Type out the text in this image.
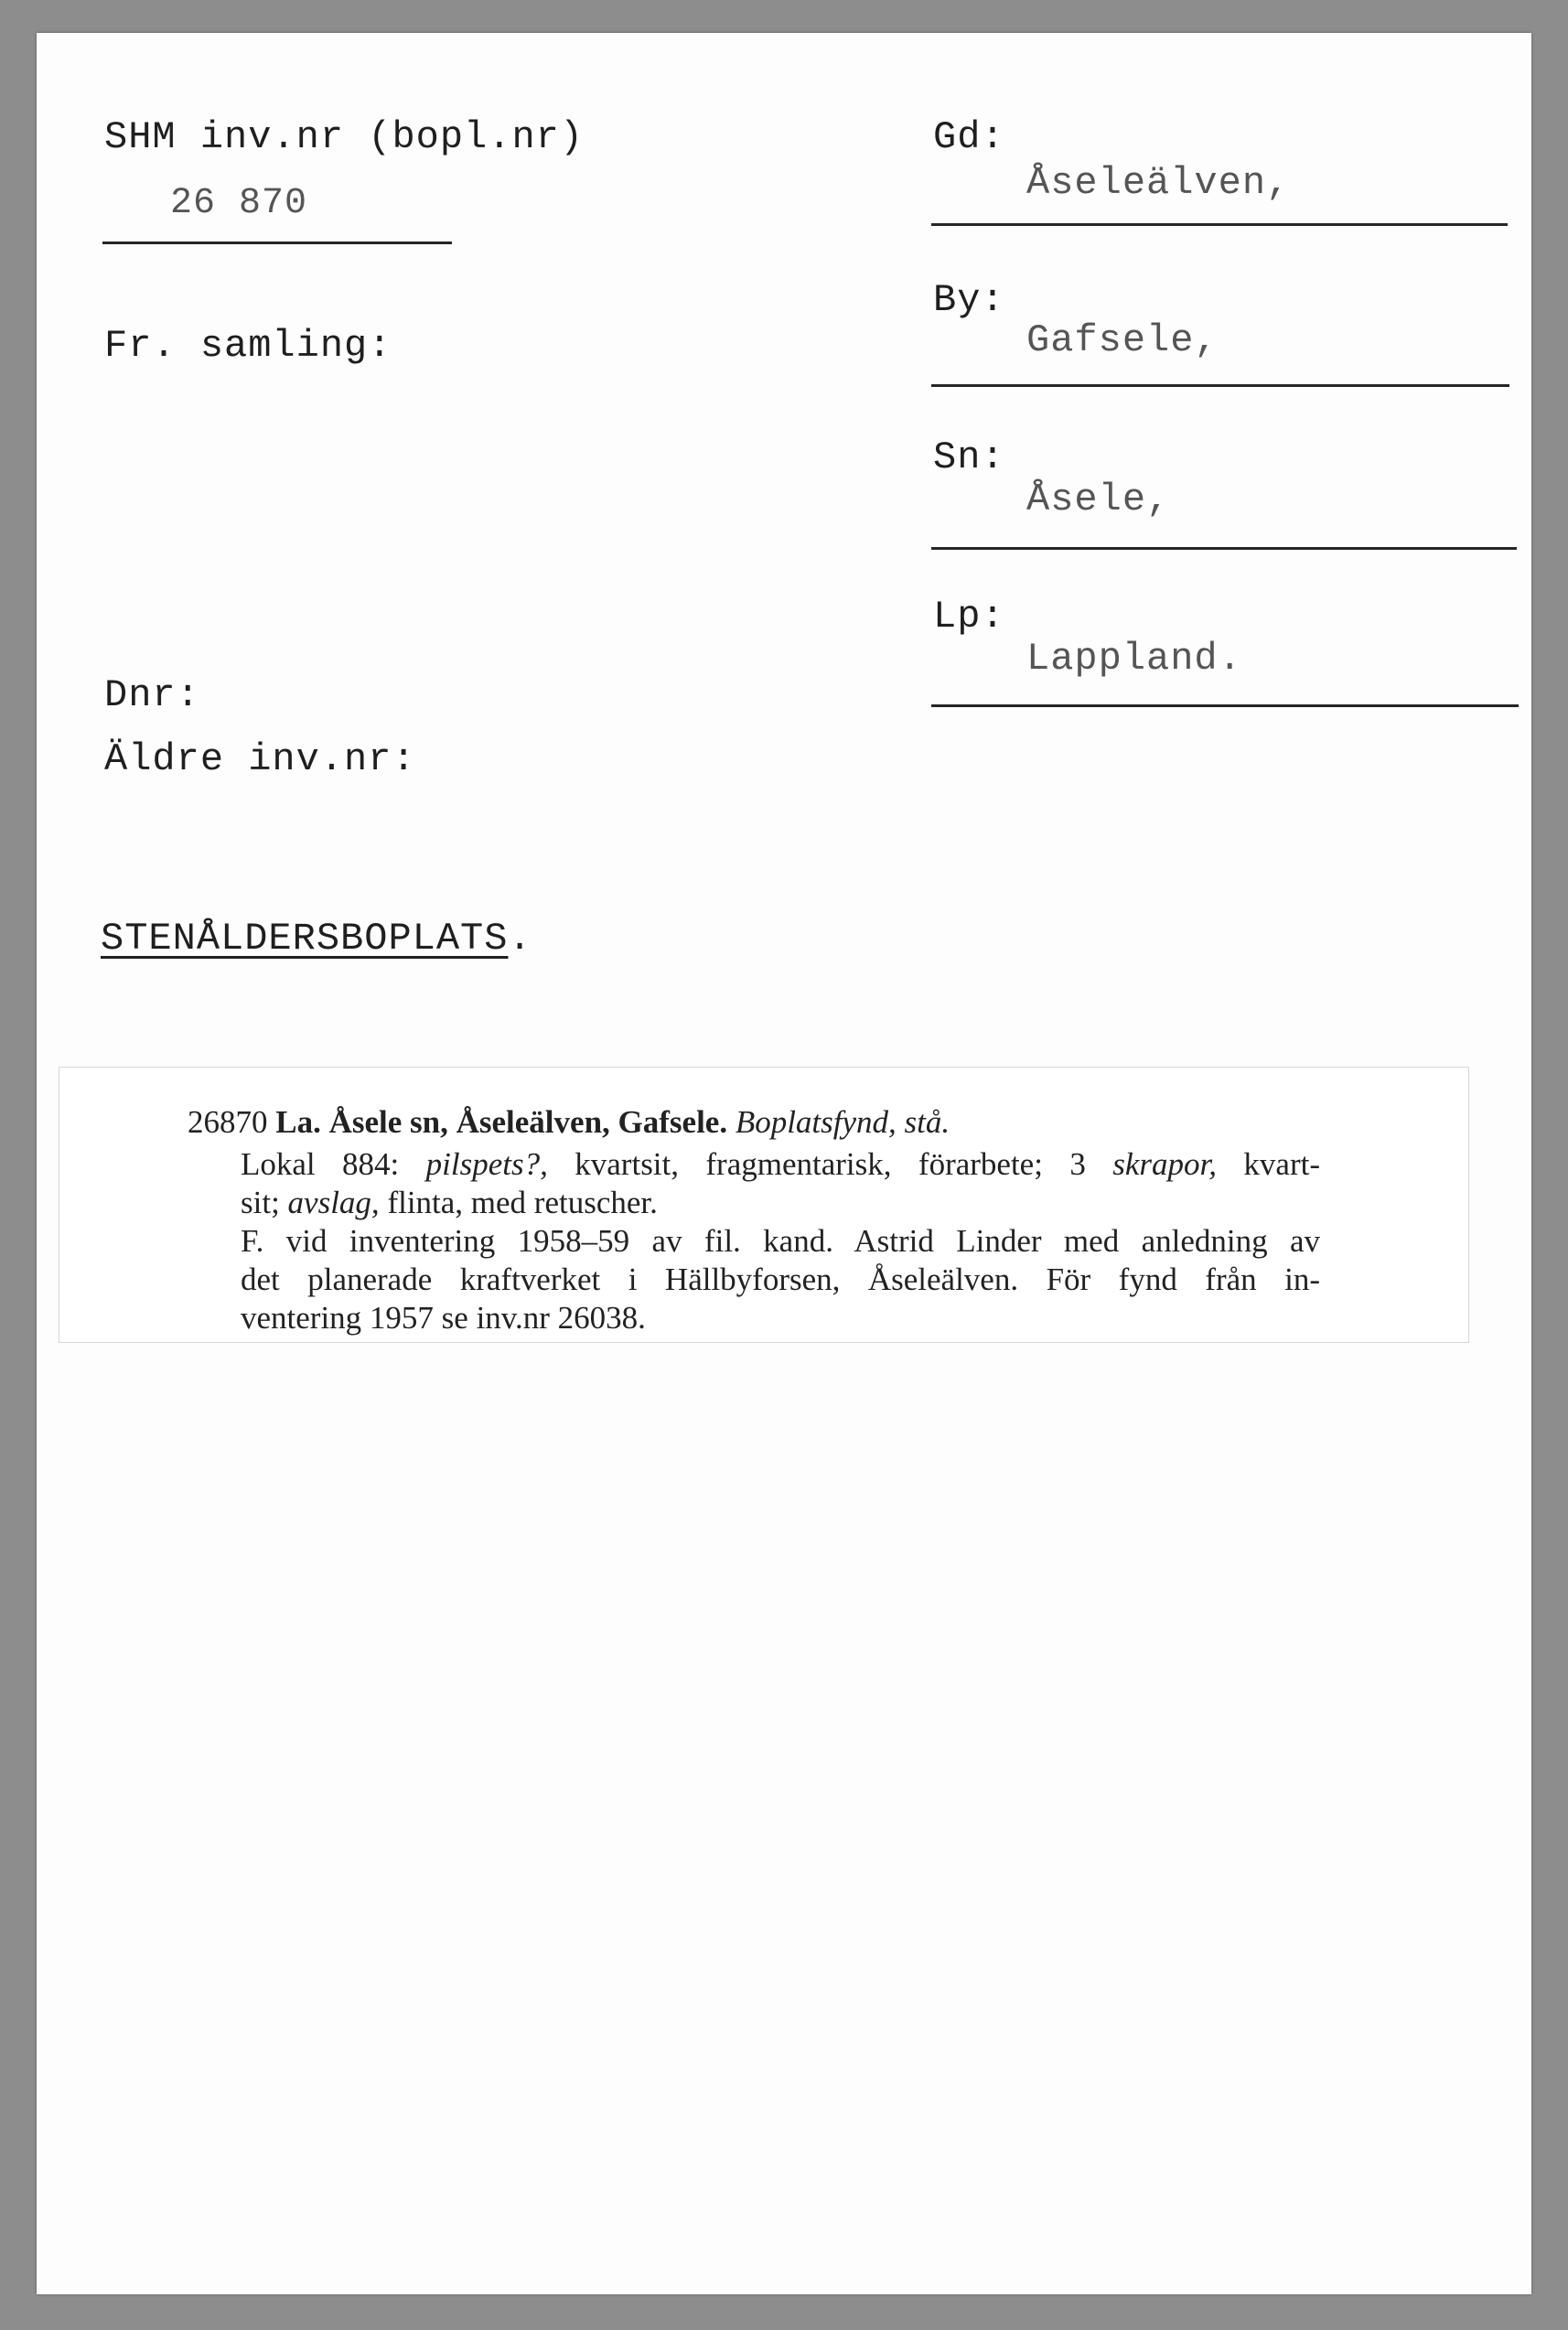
SHM inv.nr (bopl.nr)
26 870
Fr. samling:
Dnr:
Äldre inv.nr:
STENÅLDERSBOPLATS.
Gd:
Åseleälven,
By:
Gafsele,
Sn:
Åsele,
Lp:
Lappland.
26870 La. Åsele sn, Åseleälven, Gafsele. Boplatsfynd, stå.
Lokal 884: pilspets?, kvartsit, fragmentarisk, förarbete; 3 skrapor, kvart-
sit; avslag, flinta, med retuscher.
F. vid inventering 1958–59 av fil. kand. Astrid Linder med anledning av
det planerade kraftverket i Hällbyforsen, Åseleälven. För fynd från in-
ventering 1957 se inv.nr 26038.
